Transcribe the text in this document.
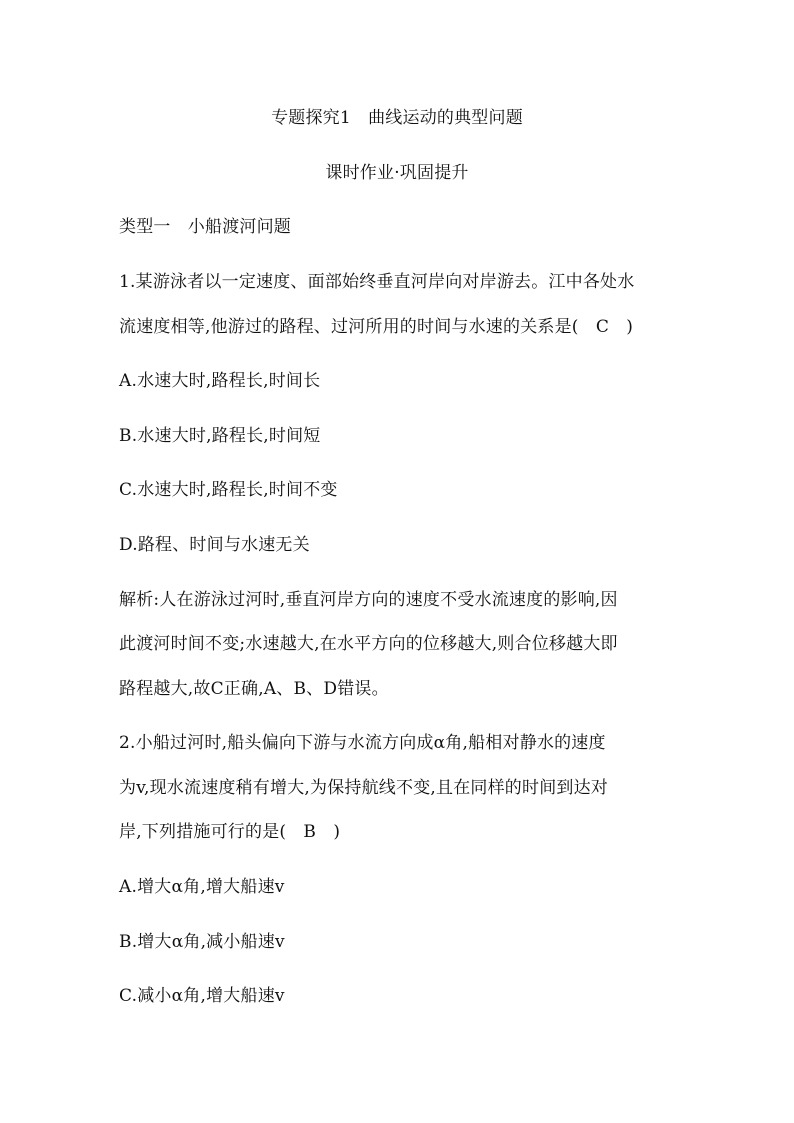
专题探究1　曲线运动的典型问题
课时作业·巩固提升
类型一　小船渡河问题
1.某游泳者以一定速度、面部始终垂直河岸向对岸游去。江中各处水
流速度相等,他游过的路程、过河所用的时间与水速的关系是(　C　)
A.水速大时,路程长,时间长
B.水速大时,路程长,时间短
C.水速大时,路程长,时间不变
D.路程、时间与水速无关
解析:人在游泳过河时,垂直河岸方向的速度不受水流速度的影响,因
此渡河时间不变;水速越大,在水平方向的位移越大,则合位移越大即
路程越大,故C正确,A、B、D错误。
2.小船过河时,船头偏向下游与水流方向成α角,船相对静水的速度
为v,现水流速度稍有增大,为保持航线不变,且在同样的时间到达对
岸,下列措施可行的是(　B　)
A.增大α角,增大船速v
B.增大α角,减小船速v
C.减小α角,增大船速v
